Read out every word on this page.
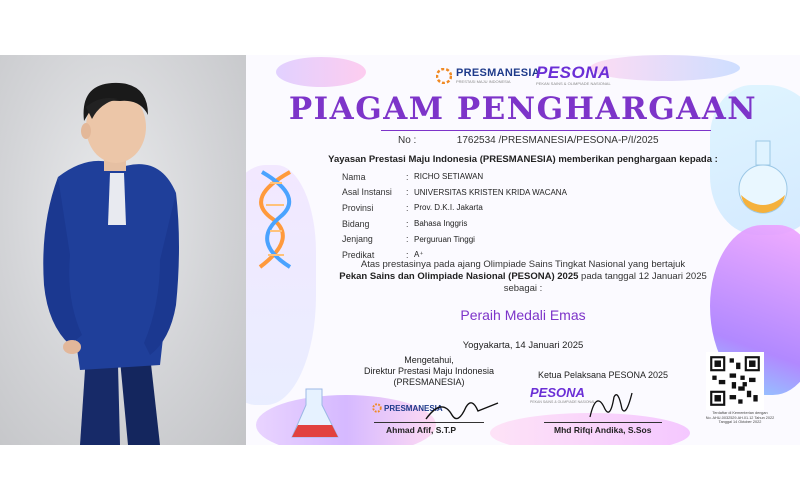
PRESMANESIA
PRESTASI MAJU INDONESIA	PESONA
PEKAN SAINS & OLIMPIADE NASIONAL
PIAGAM PENGHARGAAN
No :	1762534 /PRESMANESIA/PESONA-P/I/2025
Yayasan Prestasi Maju Indonesia (PRESMANESIA) memberikan penghargaan kepada :
Nama	: RICHO SETIAWAN
Asal Instansi	: UNIVERSITAS KRISTEN KRIDA WACANA
Provinsi	: Prov. D.K.I. Jakarta
Bidang	: Bahasa Inggris
Jenjang	: Perguruan Tinggi
Predikat	: A⁺
Atas prestasinya pada ajang Olimpiade Sains Tingkat Nasional yang bertajuk
Pekan Sains dan Olimpiade Nasional (PESONA) 2025 pada tanggal 12 Januari 2025
sebagai :
Peraih Medali Emas
Yogyakarta, 14 Januari 2025
Mengetahui,
Direktur Prestasi Maju Indonesia
(PRESMANESIA)
Ketua Pelaksana PESONA 2025
PRESMANESIA
PESONA
PEKAN SAINS & OLIMPIADE NASIONAL
Ahmad Afif, S.T.P	Mhd Rifqi Andika, S.Sos
Terdaftar di Kementerian dengan
No. AHU-0032529.AH.01.12 Tahun 2022
Tanggal 14 Oktober 2022
